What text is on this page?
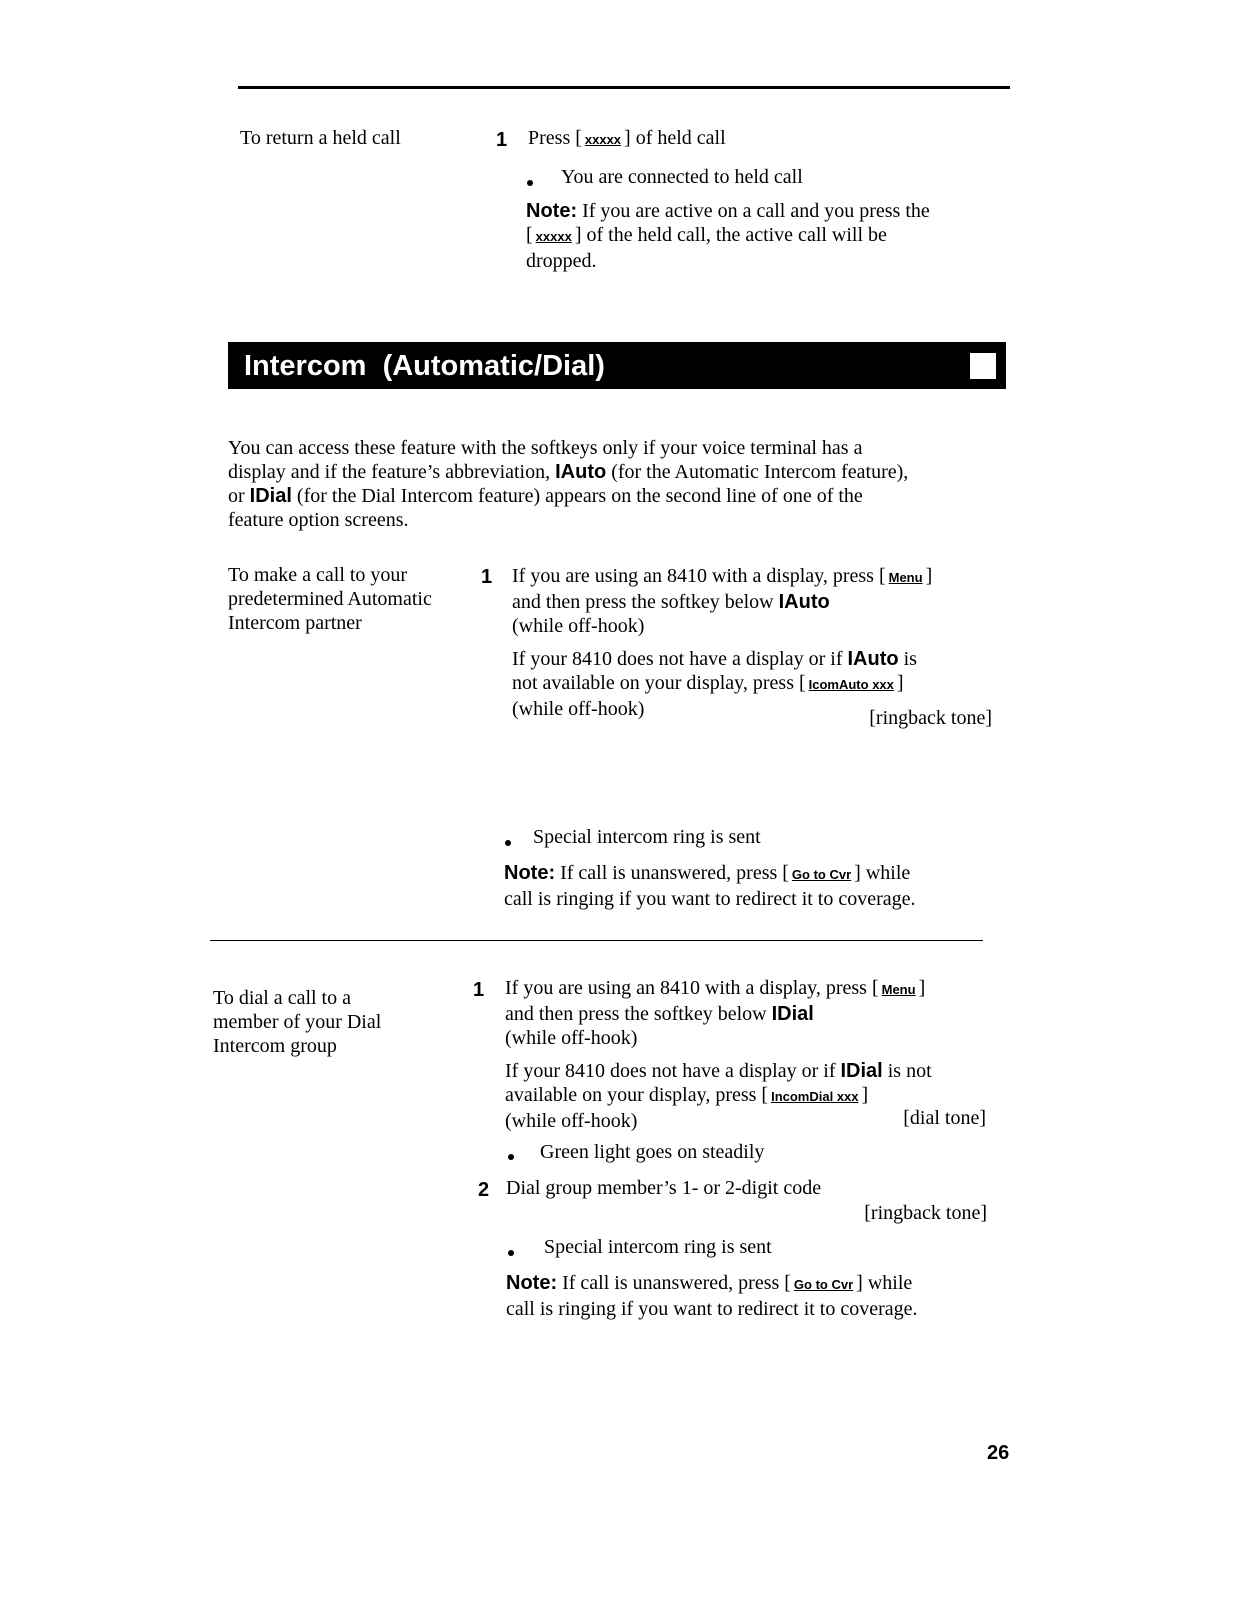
To return a held call	1 Press [ xxxxx ] of held call
You are connected to held call
Note: If you are active on a call and you press the
[ xxxxx ] of the held call, the active call will be
dropped.
Intercom  (Automatic/Dial)
You can access these feature with the softkeys only if your voice terminal has a
display and if the feature’s abbreviation, IAuto (for the Automatic Intercom feature),
or IDial (for the Dial Intercom feature) appears on the second line of one of the
feature option screens.
To make a call to your
predetermined Automatic
Intercom partner
1 If you are using an 8410 with a display, press [ Menu ]
and then press the softkey below IAuto
(while off-hook)
If your 8410 does not have a display or if IAuto is
not available on your display, press [ IcomAuto xxx ]
(while off-hook)	[ringback tone]
Special intercom ring is sent
Note: If call is unanswered, press [ Go to Cvr ] while
call is ringing if you want to redirect it to coverage.
To dial a call to a
member of your Dial
Intercom group
1 If you are using an 8410 with a display, press [ Menu ]
and then press the softkey below IDial
(while off-hook)
If your 8410 does not have a display or if IDial is not
available on your display, press [ IncomDial xxx ]
(while off-hook)	[dial tone]
Green light goes on steadily
2 Dial group member’s 1- or 2-digit code
[ringback tone]
Special intercom ring is sent
Note: If call is unanswered, press [ Go to Cvr ] while
call is ringing if you want to redirect it to coverage.
26
